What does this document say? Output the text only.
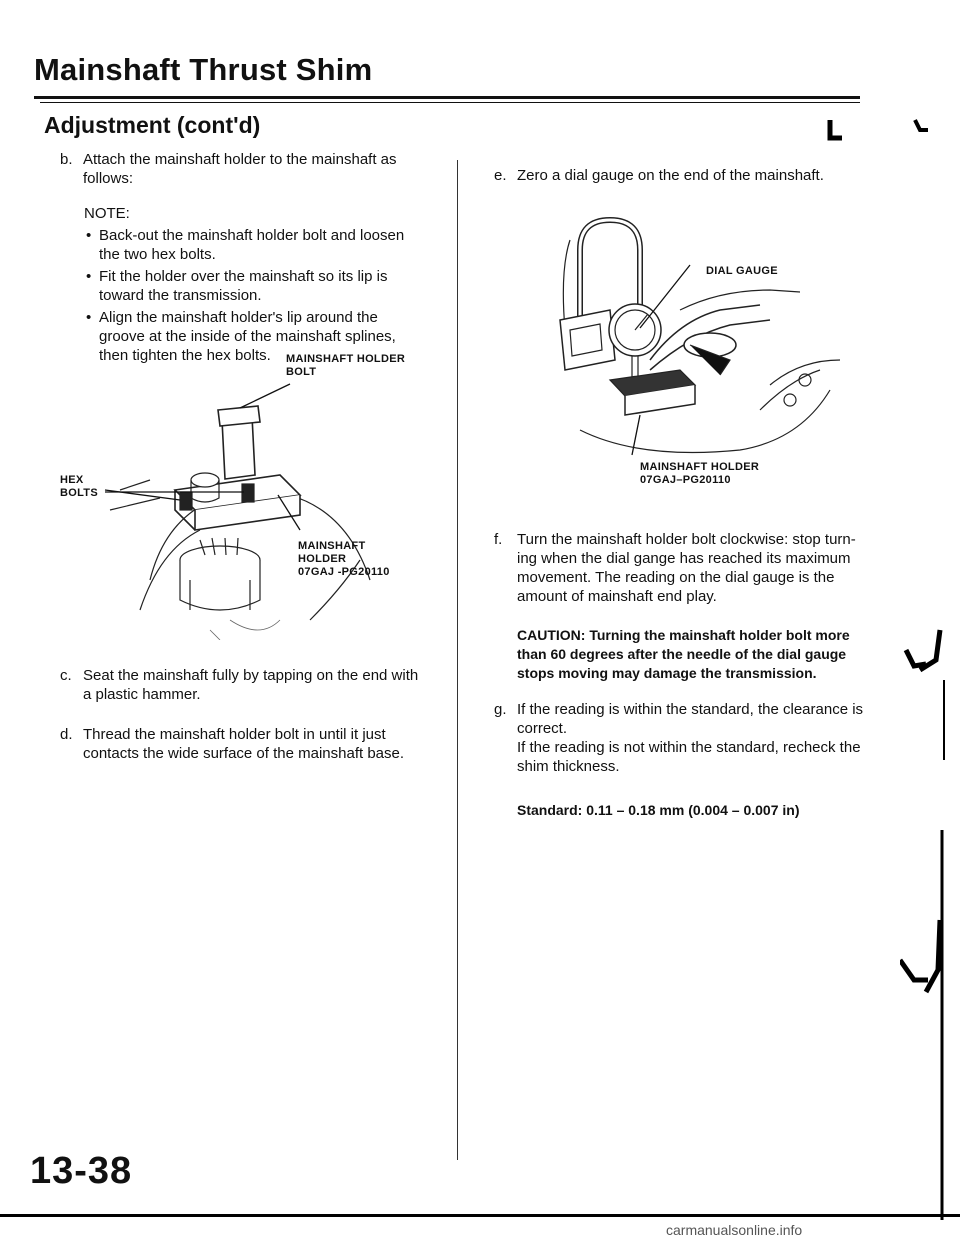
Mainshaft Thrust Shim
Adjustment (cont'd)
b. Attach the mainshaft holder to the mainshaft as
follows:
NOTE:
• Back-out the mainshaft holder bolt and loosen
the two hex bolts.
• Fit the holder over the mainshaft so its lip is
toward the transmission.
• Align the mainshaft holder's lip around the
groove at the inside of the mainshaft splines,
then tighten the hex bolts.	MAINSHAFT HOLDER
BOLT
HEX
BOLTS
MAINSHAFT
HOLDER
07GAJ -PG20110
c. Seat the mainshaft fully by tapping on the end with
a plastic hammer.
d. Thread the mainshaft holder bolt in until it just
contacts the wide surface of the mainshaft base.
e. Zero a dial gauge on the end of the mainshaft.
DIAL GAUGE
MAINSHAFT HOLDER
07GAJ–PG20110
f. Turn the mainshaft holder bolt clockwise: stop turn-
ing when the dial gange has reached its maximum
movement. The reading on the dial gauge is the
amount of mainshaft end play.
CAUTION: Turning the mainshaft holder bolt more
than 60 degrees after the needle of the dial gauge
stops moving may damage the transmission.
g. If the reading is within the standard, the clearance is
correct.
If the reading is not within the standard, recheck the
shim thickness.
Standard: 0.11 – 0.18 mm (0.004 – 0.007 in)
13-38
carmanualsonline.info
